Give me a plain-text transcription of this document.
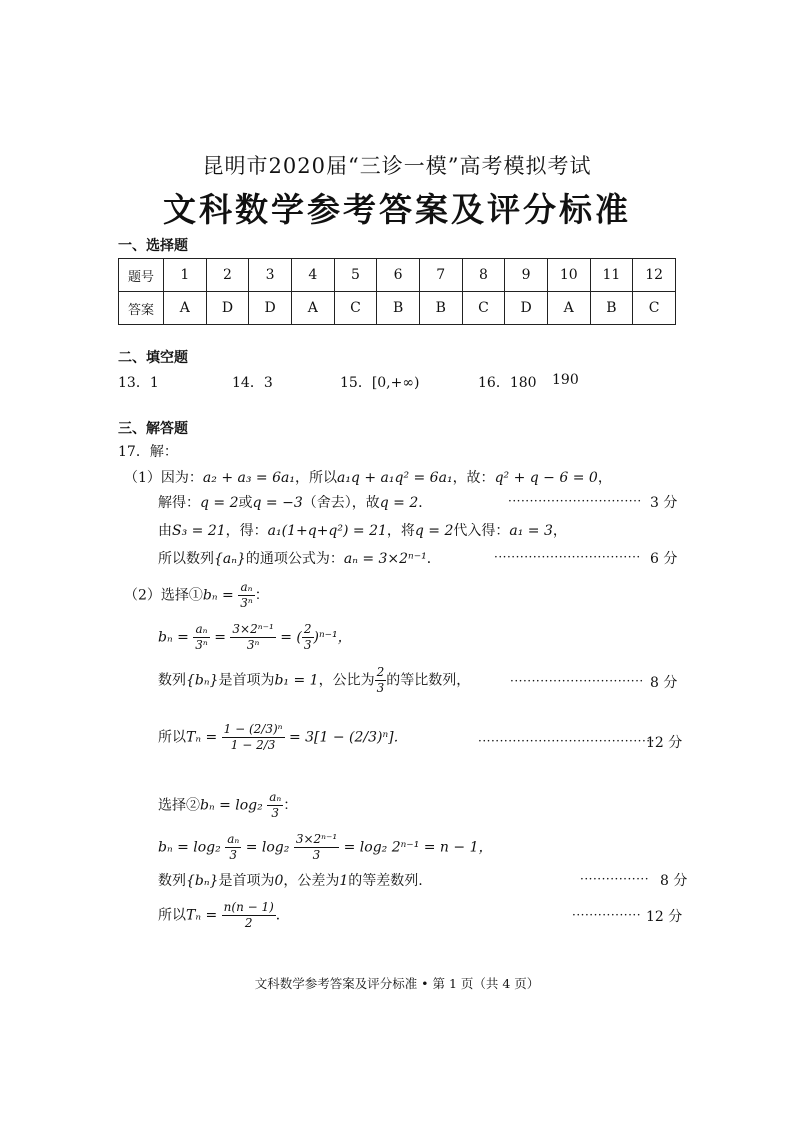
昆明市2020届“三诊一模”高考模拟考试
文科数学参考答案及评分标准
一、选择题
题号	1	2	3	4	5	6	7	8	9	10	11	12
答案	A	D	D	A	C	B	B	C	D	A	B	C
二、填空题
13．1	14．3	15．[0,+∞)	16．180 190
三、解答题
17．解：
（1）因为：a₂ + a₃ = 6a₁，所以a₁q + a₁q² = 6a₁，故：q² + q − 6 = 0，
解得：q = 2或q = −3（舍去），故q = 2．	······························· 3 分
由S₃ = 21，得：a₁(1+q+q²) = 21，将q = 2代入得：a₁ = 3，
所以数列{aₙ}的通项公式为：aₙ = 3×2ⁿ⁻¹．	·································· 6 分
（2）选择①bₙ = $\frac{\text{aₙ}}{\text{3ⁿ}}$ ：
$b_n = \frac{\text{aₙ}}{\text{3ⁿ}} = \frac{\text{3×2ⁿ⁻¹}}{\text{3ⁿ}}$ = ( $\frac{2}{3} )^{n-1}$，
数列{bₙ}是首项为b₁ = 1，公比为 $\frac{2}{3}$ 的等比数列，	······························· 8 分
所以$T_n = \frac{\text{1 − (2/3)ⁿ}}{1 - 2/3} = 3[1 - (2/3)^n]$．	·········································
12 分
选择②bₙ = $\log_2 \frac{\text{aₙ}}{3}$ ：
$b_n = \log_2 \frac{\text{aₙ}}{3} = \log_2 \frac{\text{3×2ⁿ⁻¹}}{3} = \log_2$ 2ⁿ⁻¹ = n − 1，
数列{bₙ}是首项为0，公差为1的等差数列.	················ 8 分
所以$T_n = \frac{n(n - 1)}{2}$ ．	················ 12 分
文科数学参考答案及评分标准 • 第 1 页（共 4 页）
